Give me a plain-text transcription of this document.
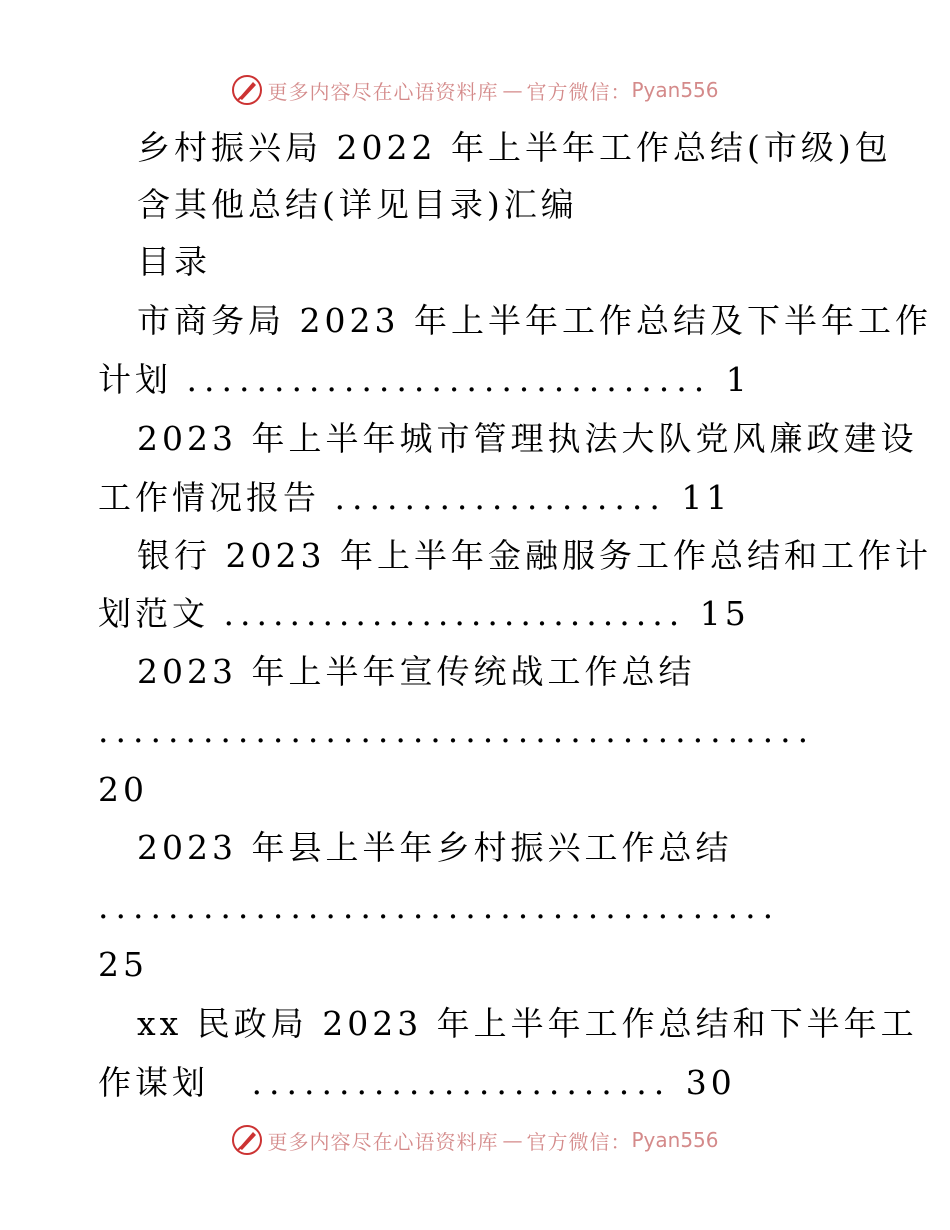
更多内容尽在心语资料库 — 官方微信： Pyan556
乡村振兴局 2022 年上半年工作总结(市级)包
含其他总结(详见目录)汇编
目录
市商务局 2023 年上半年工作总结及下半年工作
计划 .............................. 1
2023 年上半年城市管理执法大队党风廉政建设
工作情况报告 ................... 11
银行 2023 年上半年金融服务工作总结和工作计
划范文 ............................ 15
2023 年上半年宣传统战工作总结
.........................................
20
2023 年县上半年乡村振兴工作总结
.......................................
25
xx 民政局 2023 年上半年工作总结和下半年工
作谋划 ........................ 30
更多内容尽在心语资料库 — 官方微信： Pyan556
